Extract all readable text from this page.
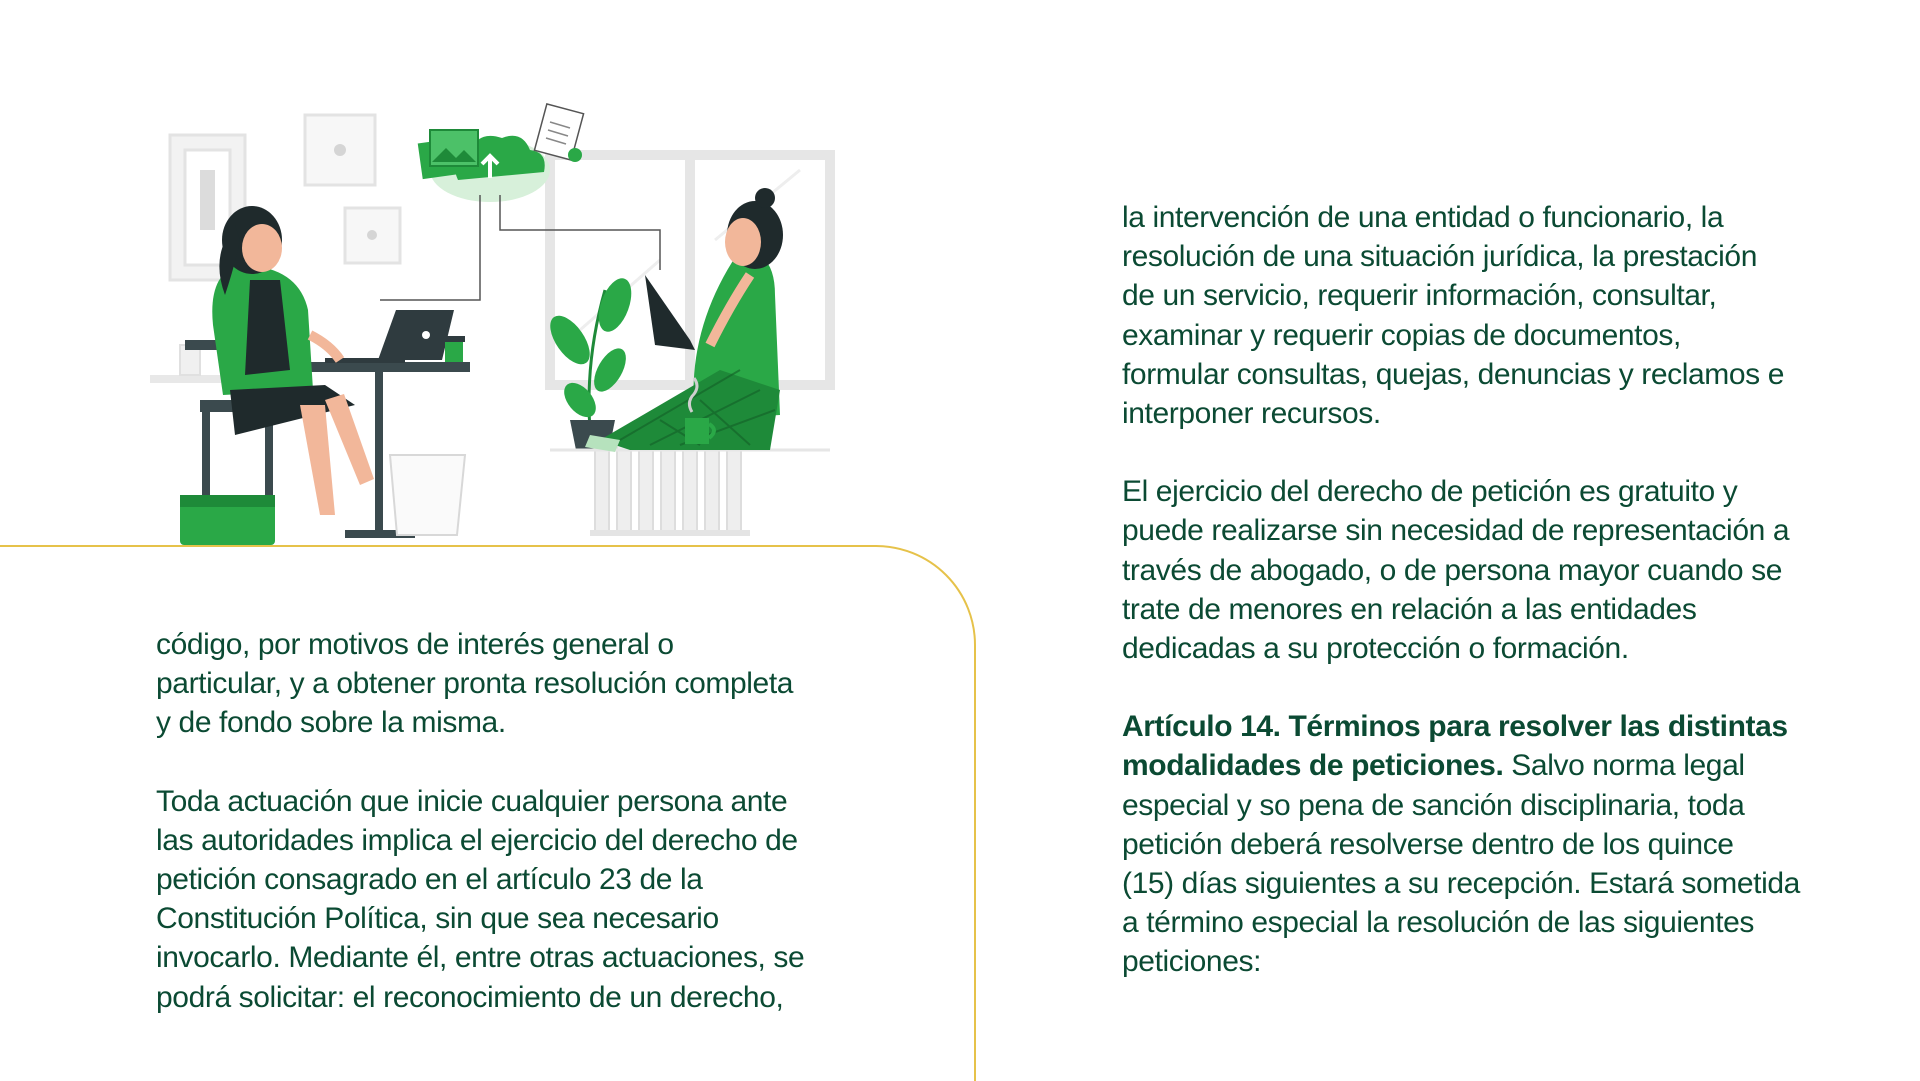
código, por motivos de interés general o
particular, y a obtener pronta resolución completa
y de fondo sobre la misma.

Toda actuación que inicie cualquier persona ante
las autoridades implica el ejercicio del derecho de
petición consagrado en el artículo 23 de la
Constitución Política, sin que sea necesario
invocarlo. Mediante él, entre otras actuaciones, se
podrá solicitar: el reconocimiento de un derecho,

la intervención de una entidad o funcionario, la
resolución de una situación jurídica, la prestación
de un servicio, requerir información, consultar,
examinar y requerir copias de documentos,
formular consultas, quejas, denuncias y reclamos e
interponer recursos.

El ejercicio del derecho de petición es gratuito y
puede realizarse sin necesidad de representación a
través de abogado, o de persona mayor cuando se
trate de menores en relación a las entidades
dedicadas a su protección o formación.

Artículo 14. Términos para resolver las distintas
modalidades de peticiones. Salvo norma legal
especial y so pena de sanción disciplinaria, toda
petición deberá resolverse dentro de los quince
(15) días siguientes a su recepción. Estará sometida
a término especial la resolución de las siguientes
peticiones:
